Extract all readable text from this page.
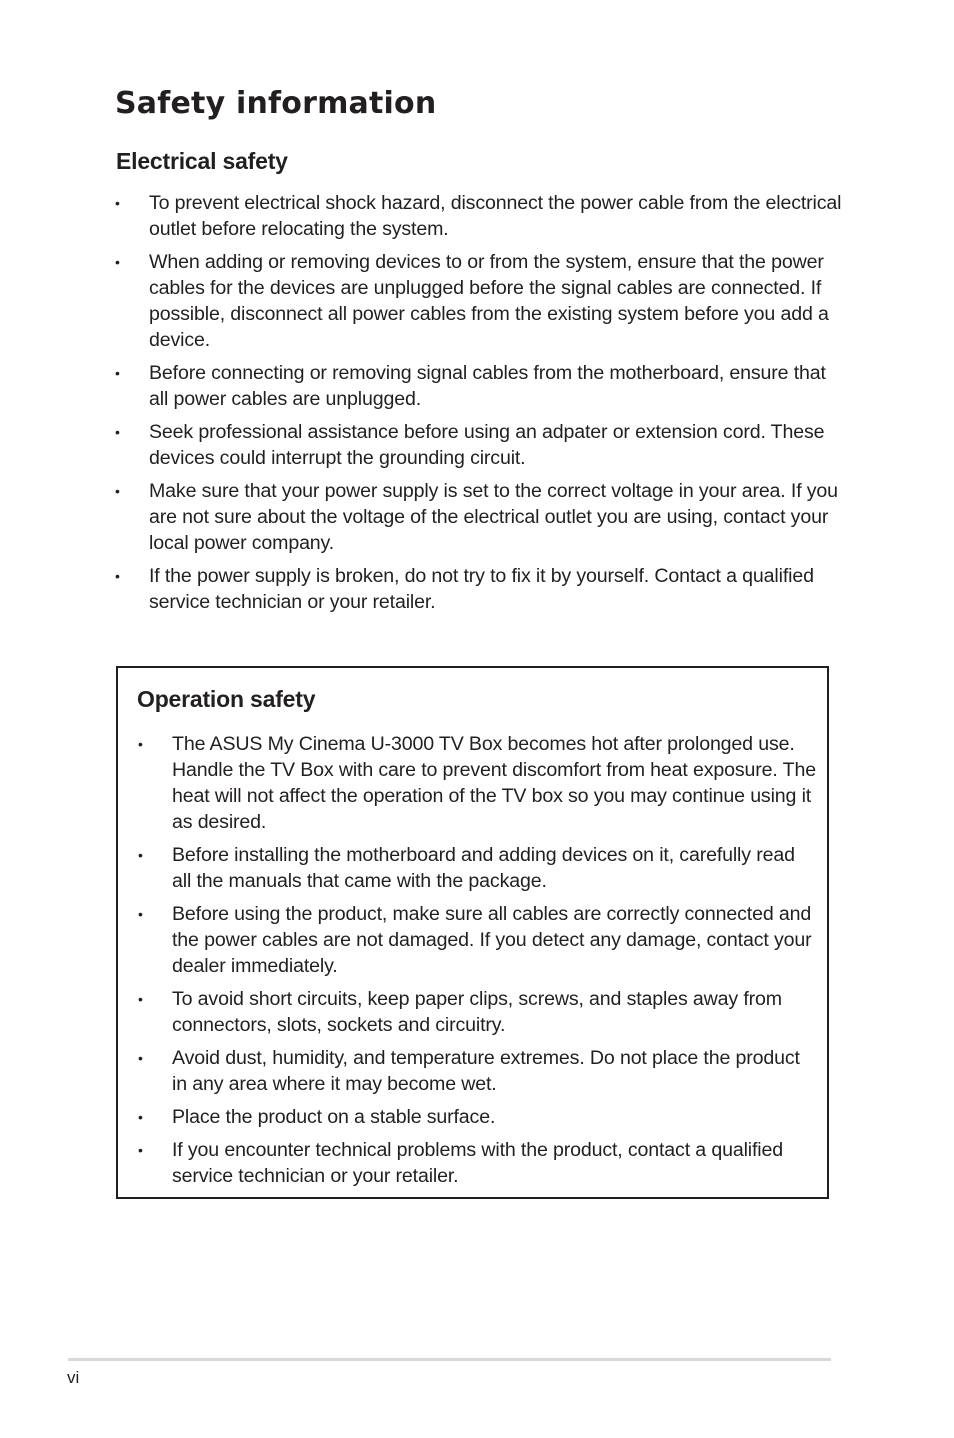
Safety information
Electrical safety
• To prevent electrical shock hazard, disconnect the power cable from the electrical outlet before relocating the system.
• When adding or removing devices to or from the system, ensure that the power cables for the devices are unplugged before the signal cables are connected. If possible, disconnect all power cables from the existing system before you add a device.
• Before connecting or removing signal cables from the motherboard, ensure that all power cables are unplugged.
• Seek professional assistance before using an adpater or extension cord. These devices could interrupt the grounding circuit.
• Make sure that your power supply is set to the correct voltage in your area. If you are not sure about the voltage of the electrical outlet you are using, contact your local power company.
• If the power supply is broken, do not try to fix it by yourself. Contact a qualified service technician or your retailer.
Operation safety
• The ASUS My Cinema U-3000 TV Box becomes hot after prolonged use. Handle the TV Box with care to prevent discomfort from heat exposure. The heat will not affect the operation of the TV box so you may continue using it as desired.
• Before installing the motherboard and adding devices on it, carefully read all the manuals that came with the package.
• Before using the product, make sure all cables are correctly connected and the power cables are not damaged. If you detect any damage, contact your dealer immediately.
• To avoid short circuits, keep paper clips, screws, and staples away from connectors, slots, sockets and circuitry.
• Avoid dust, humidity, and temperature extremes. Do not place the product in any area where it may become wet.
• Place the product on a stable surface.
• If you encounter technical problems with the product, contact a qualified service technician or your retailer.
vi
